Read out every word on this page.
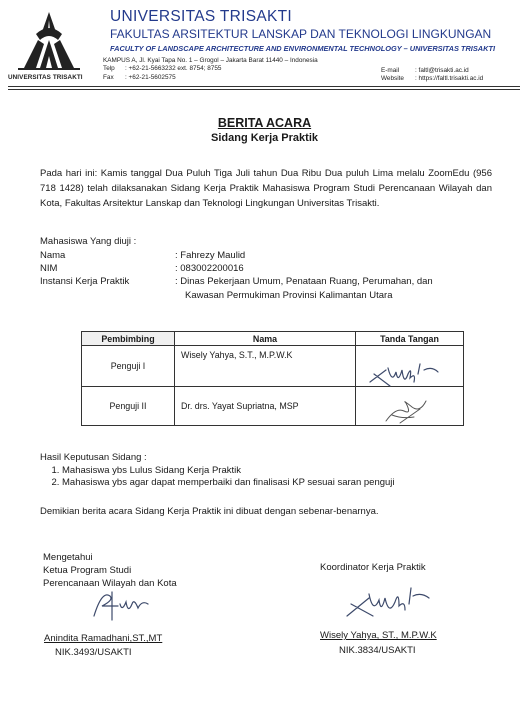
UNIVERSITAS TRISAKTI
UNIVERSITAS TRISAKTI
FAKULTAS ARSITEKTUR LANSKAP DAN TEKNOLOGI LINGKUNGAN
FACULTY OF LANDSCAPE ARCHITECTURE AND ENVIRONMENTAL TECHNOLOGY – UNIVERSITAS TRISAKTI
KAMPUS A, Jl. Kyai Tapa No. 1 – Grogol – Jakarta Barat 11440 – Indonesia
Telp	: +62-21-5663232 ext. 8754; 8755
Fax	: +62-21-5602575
E-mail	: faltl@trisakti.ac.id
Website	: https://faltl.trisakti.ac.id
BERITA ACARA
Sidang Kerja Praktik
Pada hari ini: Kamis tanggal Dua Puluh Tiga Juli tahun Dua Ribu Dua puluh Lima melalu ZoomEdu (956 718 1428) telah dilaksanakan Sidang Kerja Praktik Mahasiswa Program Studi Perencanaan Wilayah dan Kota, Fakultas Arsitektur Lanskap dan Teknologi Lingkungan Universitas Trisakti.
Mahasiswa Yang diuji :
Nama	: Fahrezy Maulid
NIM	: 083002200016
Instansi Kerja Praktik	: Dinas Pekerjaan Umum, Penataan Ruang, Perumahan, dan
Kawasan Permukiman Provinsi Kalimantan Utara
Pembimbing	Nama	Tanda Tangan
Penguji I	Wisely Yahya, S.T., M.P.W.K	
Penguji II	Dr. drs. Yayat Supriatna, MSP	
Hasil Keputusan Sidang :
1. Mahasiswa ybs Lulus Sidang Kerja Praktik
2. Mahasiswa ybs agar dapat memperbaiki dan finalisasi KP sesuai saran penguji
Demikian berita acara Sidang Kerja Praktik ini dibuat dengan sebenar-benarnya.
Mengetahui
Ketua Program Studi
Perencanaan Wilayah dan Kota
Anindita Ramadhani,ST.,MT
NIK.3493/USAKTI
Koordinator Kerja Praktik
Wisely Yahya, ST., M.P.W.K
NIK.3834/USAKTI
